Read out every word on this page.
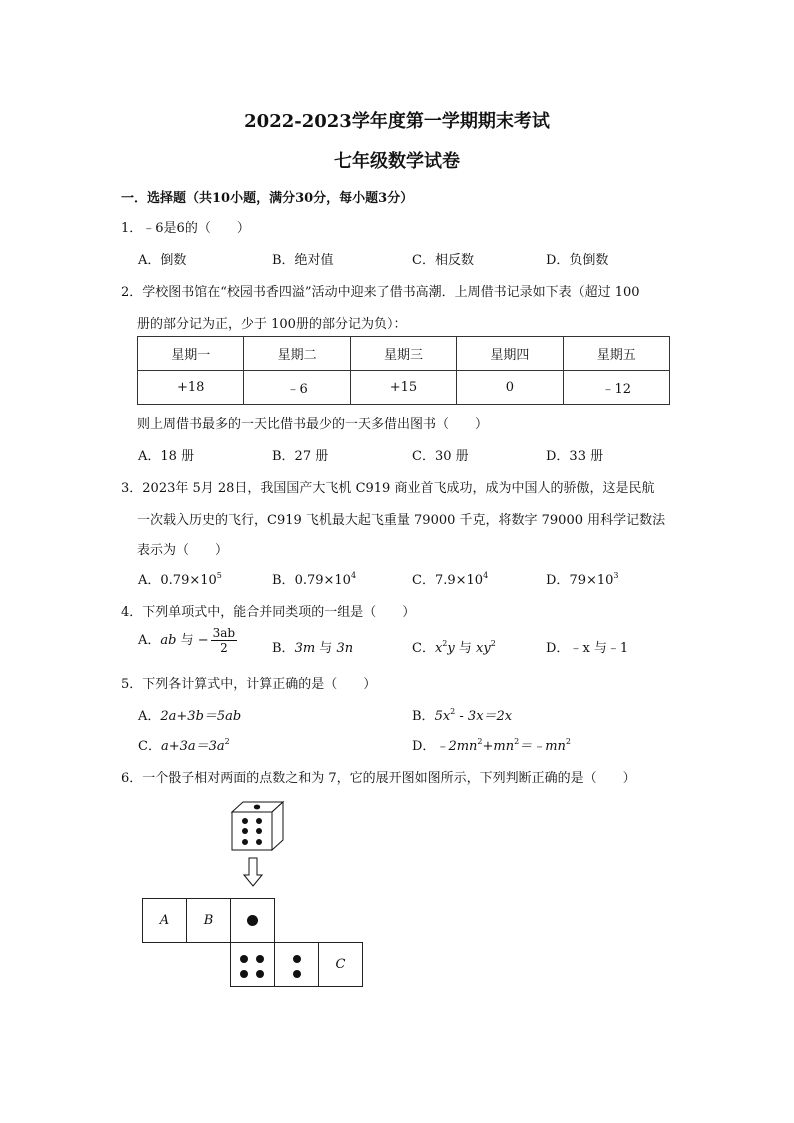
2022-2023学年度第一学期期末考试
七年级数学试卷
一．选择题（共10小题，满分30分，每小题3分）
1．﹣6是6的（　　）
A．倒数	B．绝对值	C．相反数	D．负倒数
2．学校图书馆在“校园书香四溢”活动中迎来了借书高潮．上周借书记录如下表（超过 100
册的部分记为正，少于 100册的部分记为负）：
星期一	星期二	星期三	星期四	星期五
+18	﹣6	+15	0	﹣12
则上周借书最多的一天比借书最少的一天多借出图书（　　）
A．18 册	B．27 册	C．30 册	D．33 册
3．2023年 5月 28日，我国国产大飞机 C919 商业首飞成功，成为中国人的骄傲，这是民航
一次载入历史的飞行，C919 飞机最大起飞重量 79000 千克，将数字 79000 用科学记数法
表示为（　　）
A．$0.79\times 10^5$	B．$0.79\times 10^4$	C．$7.9\times 10^4$	D．$79\times 10^3$
4．下列单项式中，能合并同类项的一组是（　　）
A．ab 与 − $\frac{3ab}{2}$	B．3m 与 3n	C．$x^2y$ 与 $xy^2$	D．﹣x 与﹣1
5．下列各计算式中，计算正确的是（　　）
A．2a+3b＝5ab	B．$5x^2 - 3x=2x$
C．$a+3a=3a^2$	D．$﹣2mn^2+mn^2=﹣mn^2$
6．一个骰子相对两面的点数之和为 7，它的展开图如图所示，下列判断正确的是（　　）
A	B
C
